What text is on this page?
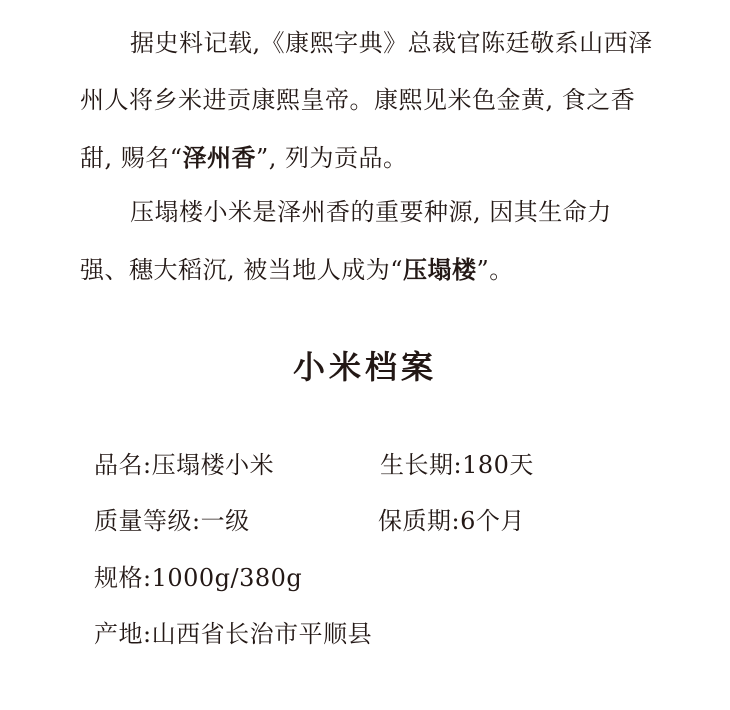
据史料记载,《康熙字典》总裁官陈廷敬系山西泽州人将乡米进贡康熙皇帝。康熙见米色金黄, 食之香甜, 赐名“泽州香”, 列为贡品。

压塌楼小米是泽州香的重要种源, 因其生命力强、穗大稻沉, 被当地人成为“压塌楼”。

小米档案
品名:压塌楼小米	生长期:180天
质量等级:一级	保质期:6个月
规格:1000g/380g
产地:山西省长治市平顺县
